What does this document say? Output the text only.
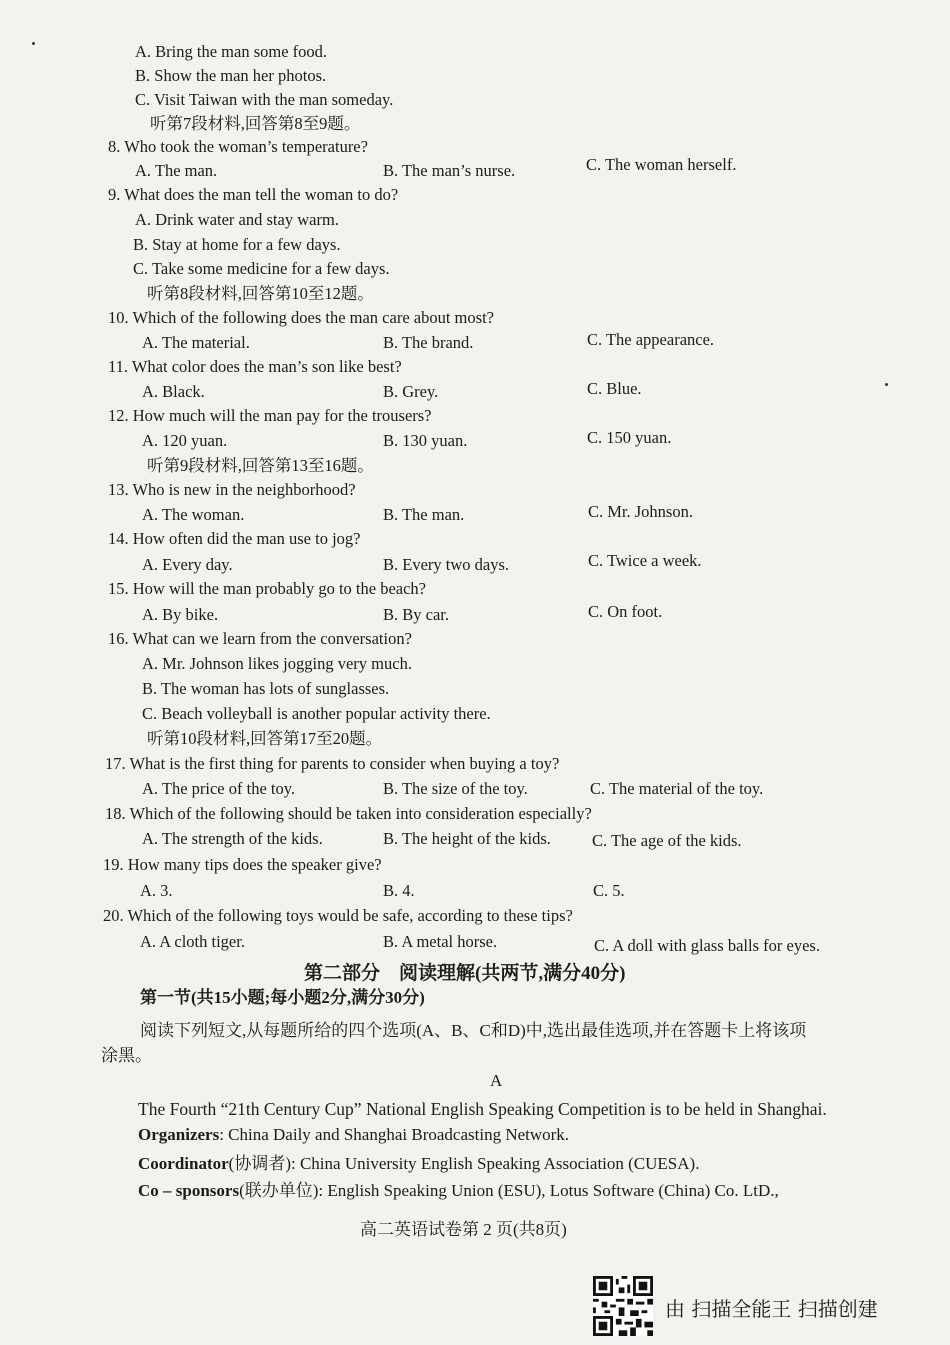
A. Bring the man some food.
B. Show the man her photos.
C. Visit Taiwan with the man someday.
听第7段材料,回答第8至9题。
8. Who took the woman’s temperature?
A. The man.	B. The man’s nurse.	C. The woman herself.
9. What does the man tell the woman to do?
A. Drink water and stay warm.
B. Stay at home for a few days.
C. Take some medicine for a few days.
听第8段材料,回答第10至12题。
10. Which of the following does the man care about most?
A. The material.	B. The brand.	C. The appearance.
11. What color does the man’s son like best?
A. Black.	B. Grey.	C. Blue.
12. How much will the man pay for the trousers?
A. 120 yuan.	B. 130 yuan.	C. 150 yuan.
听第9段材料,回答第13至16题。
13. Who is new in the neighborhood?
A. The woman.	B. The man.	C. Mr. Johnson.
14. How often did the man use to jog?
A. Every day.	B. Every two days.	C. Twice a week.
15. How will the man probably go to the beach?
A. By bike.	B. By car.	C. On foot.
16. What can we learn from the conversation?
A. Mr. Johnson likes jogging very much.
B. The woman has lots of sunglasses.
C. Beach volleyball is another popular activity there.
听第10段材料,回答第17至20题。
17. What is the first thing for parents to consider when buying a toy?
A. The price of the toy.	B. The size of the toy.	C. The material of the toy.
18. Which of the following should be taken into consideration especially?
A. The strength of the kids.	B. The height of the kids. C. The age of the kids.
19. How many tips does the speaker give?
A. 3.	B. 4.	C. 5.
20. Which of the following toys would be safe, according to these tips?
A. A cloth tiger.	B. A metal horse.	C. A doll with glass balls for eyes.
第二部分　阅读理解(共两节,满分40分)
第一节(共15小题;每小题2分,满分30分)
阅读下列短文,从每题所给的四个选项(A、B、C和D)中,选出最佳选项,并在答题卡上将该项
涂黑。
A
The Fourth “21th Century Cup” National English Speaking Competition is to be held in Shanghai.
Organizers: China Daily and Shanghai Broadcasting Network.
Coordinator(协调者): China University English Speaking Association (CUESA).
Co – sponsors(联办单位): English Speaking Union (ESU), Lotus Software (China) Co. LtD.,
高二英语试卷第 2 页(共8页)
由 扫描全能王 扫描创建
